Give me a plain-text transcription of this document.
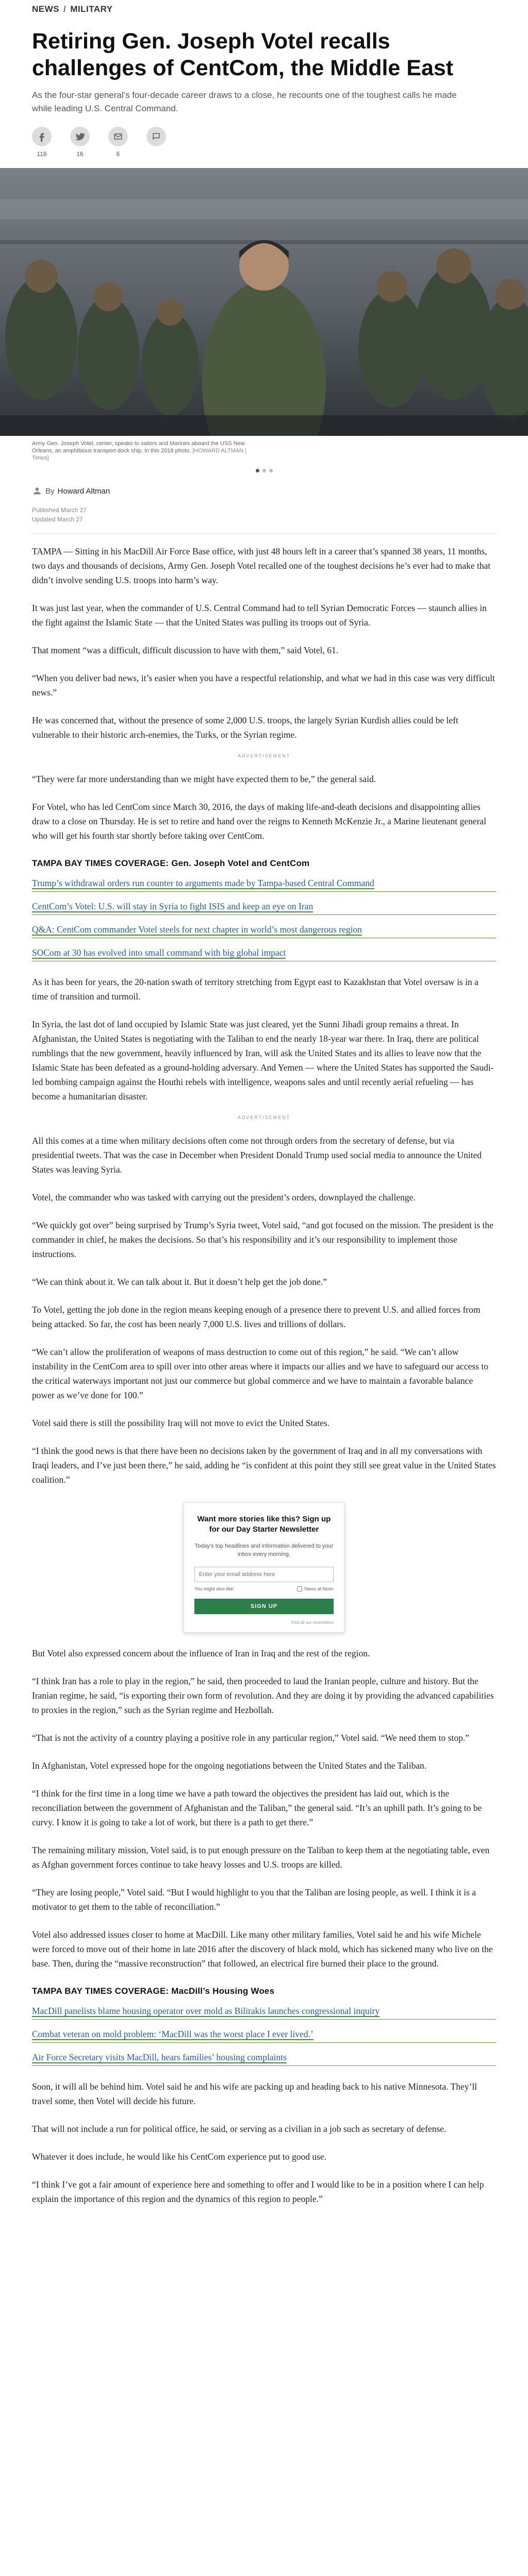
NEWS / MILITARY
Retiring Gen. Joseph Votel recalls challenges of CentCom, the Middle East

As the four-star general’s four-decade career draws to a close, he recounts one of the toughest calls he made while leading U.S. Central Command.

118	16	6

Army Gen. Joseph Votel, center, speaks to sailors and Marines aboard the USS New Orleans, an amphibious transport dock ship, in this 2018 photo. [HOWARD ALTMAN | Times]

By Howard Altman
Published March 27
Updated March 27

TAMPA — Sitting in his MacDill Air Force Base office, with just 48 hours left in a career that’s spanned 38 years, 11 months, two days and thousands of decisions, Army Gen. Joseph Votel recalled one of the toughest decisions he’s ever had to make that didn’t involve sending U.S. troops into harm’s way.

It was just last year, when the commander of U.S. Central Command had to tell Syrian Democratic Forces — staunch allies in the fight against the Islamic State — that the United States was pulling its troops out of Syria.

That moment “was a difficult, difficult discussion to have with them,” said Votel, 61.

“When you deliver bad news, it’s easier when you have a respectful relationship, and what we had in this case was very difficult news.”

He was concerned that, without the presence of some 2,000 U.S. troops, the largely Syrian Kurdish allies could be left vulnerable to their historic arch-enemies, the Turks, or the Syrian regime.

ADVERTISEMENT

“They were far more understanding than we might have expected them to be,” the general said.

For Votel, who has led CentCom since March 30, 2016, the days of making life-and-death decisions and disappointing allies draw to a close on Thursday. He is set to retire and hand over the reigns to Kenneth McKenzie Jr., a Marine lieutenant general who will get his fourth star shortly before taking over CentCom.

TAMPA BAY TIMES COVERAGE: Gen. Joseph Votel and CentCom
Trump’s withdrawal orders run counter to arguments made by Tampa-based Central Command
CentCom’s Votel: U.S. will stay in Syria to fight ISIS and keep an eye on Iran
Q&A: CentCom commander Votel steels for next chapter in world’s most dangerous region
SOCom at 30 has evolved into small command with big global impact

As it has been for years, the 20-nation swath of territory stretching from Egypt east to Kazakhstan that Votel oversaw is in a time of transition and turmoil.

In Syria, the last dot of land occupied by Islamic State was just cleared, yet the Sunni Jihadi group remains a threat. In Afghanistan, the United States is negotiating with the Taliban to end the nearly 18-year war there. In Iraq, there are political rumblings that the new government, heavily influenced by Iran, will ask the United States and its allies to leave now that the Islamic State has been defeated as a ground-holding adversary. And Yemen — where the United States has supported the Saudi-led bombing campaign against the Houthi rebels with intelligence, weapons sales and until recently aerial refueling — has become a humanitarian disaster.

ADVERTISEMENT

All this comes at a time when military decisions often come not through orders from the secretary of defense, but via presidential tweets. That was the case in December when President Donald Trump used social media to announce the United States was leaving Syria.

Votel, the commander who was tasked with carrying out the president’s orders, downplayed the challenge.

“We quickly got over” being surprised by Trump’s Syria tweet, Votel said, “and got focused on the mission. The president is the commander in chief, he makes the decisions. So that’s his responsibility and it’s our responsibility to implement those instructions.

“We can think about it. We can talk about it. But it doesn’t help get the job done.”

To Votel, getting the job done in the region means keeping enough of a presence there to prevent U.S. and allied forces from being attacked. So far, the cost has been nearly 7,000 U.S. lives and trillions of dollars.

“We can’t allow the proliferation of weapons of mass destruction to come out of this region,” he said. “We can’t allow instability in the CentCom area to spill over into other areas where it impacts our allies and we have to safeguard our access to the critical waterways important not just our commerce but global commerce and we have to maintain a favorable balance power as we’ve done for 100.”

Votel said there is still the possibility Iraq will not move to evict the United States.

“I think the good news is that there have been no decisions taken by the government of Iraq and in all my conversations with Iraqi leaders, and I’ve just been there,” he said, adding he “is confident at this point they still see great value in the United States coalition.”

Want more stories like this? Sign up for our Day Starter Newsletter
Today’s top headlines and information delivered to your inbox every morning.
Enter your email address here
You might also like:	News at Noon
SIGN UP
Find all our newsletters

But Votel also expressed concern about the influence of Iran in Iraq and the rest of the region.

“I think Iran has a role to play in the region,” he said, then proceeded to laud the Iranian people, culture and history. But the Iranian regime, he said, “is exporting their own form of revolution. And they are doing it by providing the advanced capabilities to proxies in the region,” such as the Syrian regime and Hezbollah.

“That is not the activity of a country playing a positive role in any particular region,” Votel said. “We need them to stop.”

In Afghanistan, Votel expressed hope for the ongoing negotiations between the United States and the Taliban.

“I think for the first time in a long time we have a path toward the objectives the president has laid out, which is the reconciliation between the government of Afghanistan and the Taliban,” the general said. “It’s an uphill path. It’s going to be curvy. I know it is going to take a lot of work, but there is a path to get there.”

The remaining military mission, Votel said, is to put enough pressure on the Taliban to keep them at the negotiating table, even as Afghan government forces continue to take heavy losses and U.S. troops are killed.

“They are losing people,” Votel said. “But I would highlight to you that the Taliban are losing people, as well. I think it is a motivator to get them to the table of reconciliation.”

Votel also addressed issues closer to home at MacDill. Like many other military families, Votel said he and his wife Michele were forced to move out of their home in late 2016 after the discovery of black mold, which has sickened many who live on the base. Then, during the “massive reconstruction” that followed, an electrical fire burned their place to the ground.

TAMPA BAY TIMES COVERAGE: MacDill’s Housing Woes
MacDill panelists blame housing operator over mold as Bilirakis launches congressional inquiry
Combat veteran on mold problem: ‘MacDill was the worst place I ever lived.’
Air Force Secretary visits MacDill, hears families’ housing complaints

Soon, it will all be behind him. Votel said he and his wife are packing up and heading back to his native Minnesota. They’ll travel some, then Votel will decide his future.

That will not include a run for political office, he said, or serving as a civilian in a job such as secretary of defense.

Whatever it does include, he would like his CentCom experience put to good use.

“I think I’ve got a fair amount of experience here and something to offer and I would like to be in a position where I can help explain the importance of this region and the dynamics of this region to people.”
